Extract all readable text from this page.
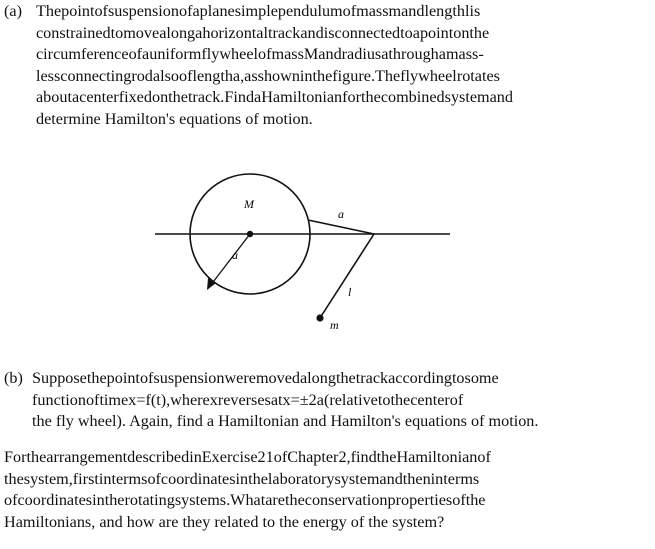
(a) Thepointofsuspensionofaplanesimplependulumofmassmandlengthlis
constrainedtomovealongahorizontaltrackandisconnectedtoapointonthe
circumferenceofauniformflywheelofmassMandradiusathroughamass-
lessconnectingrodalsooflengtha,asshowninthefigure.Theflywheelrotates
aboutacenterfixedonthetrack.FindaHamiltonianforthecombinedsystemand
determine Hamilton's equations of motion.
M
a
a
l
m
(b) Supposethepointofsuspensionweremovedalongthetrackaccordingtosome
functionoftimex=f(t),wherexreversesatx=±2a(relativetothecenterof
the fly wheel). Again, find a Hamiltonian and Hamilton's equations of motion.
ForthearrangementdescribedinExercise21ofChapter2,findtheHamiltonianof
thesystem,firstintermsofcoordinatesinthelaboratorysystemandtheninterms
ofcoordinatesintherotatingsystems.Whataretheconservationpropertiesofthe
Hamiltonians, and how are they related to the energy of the system?
